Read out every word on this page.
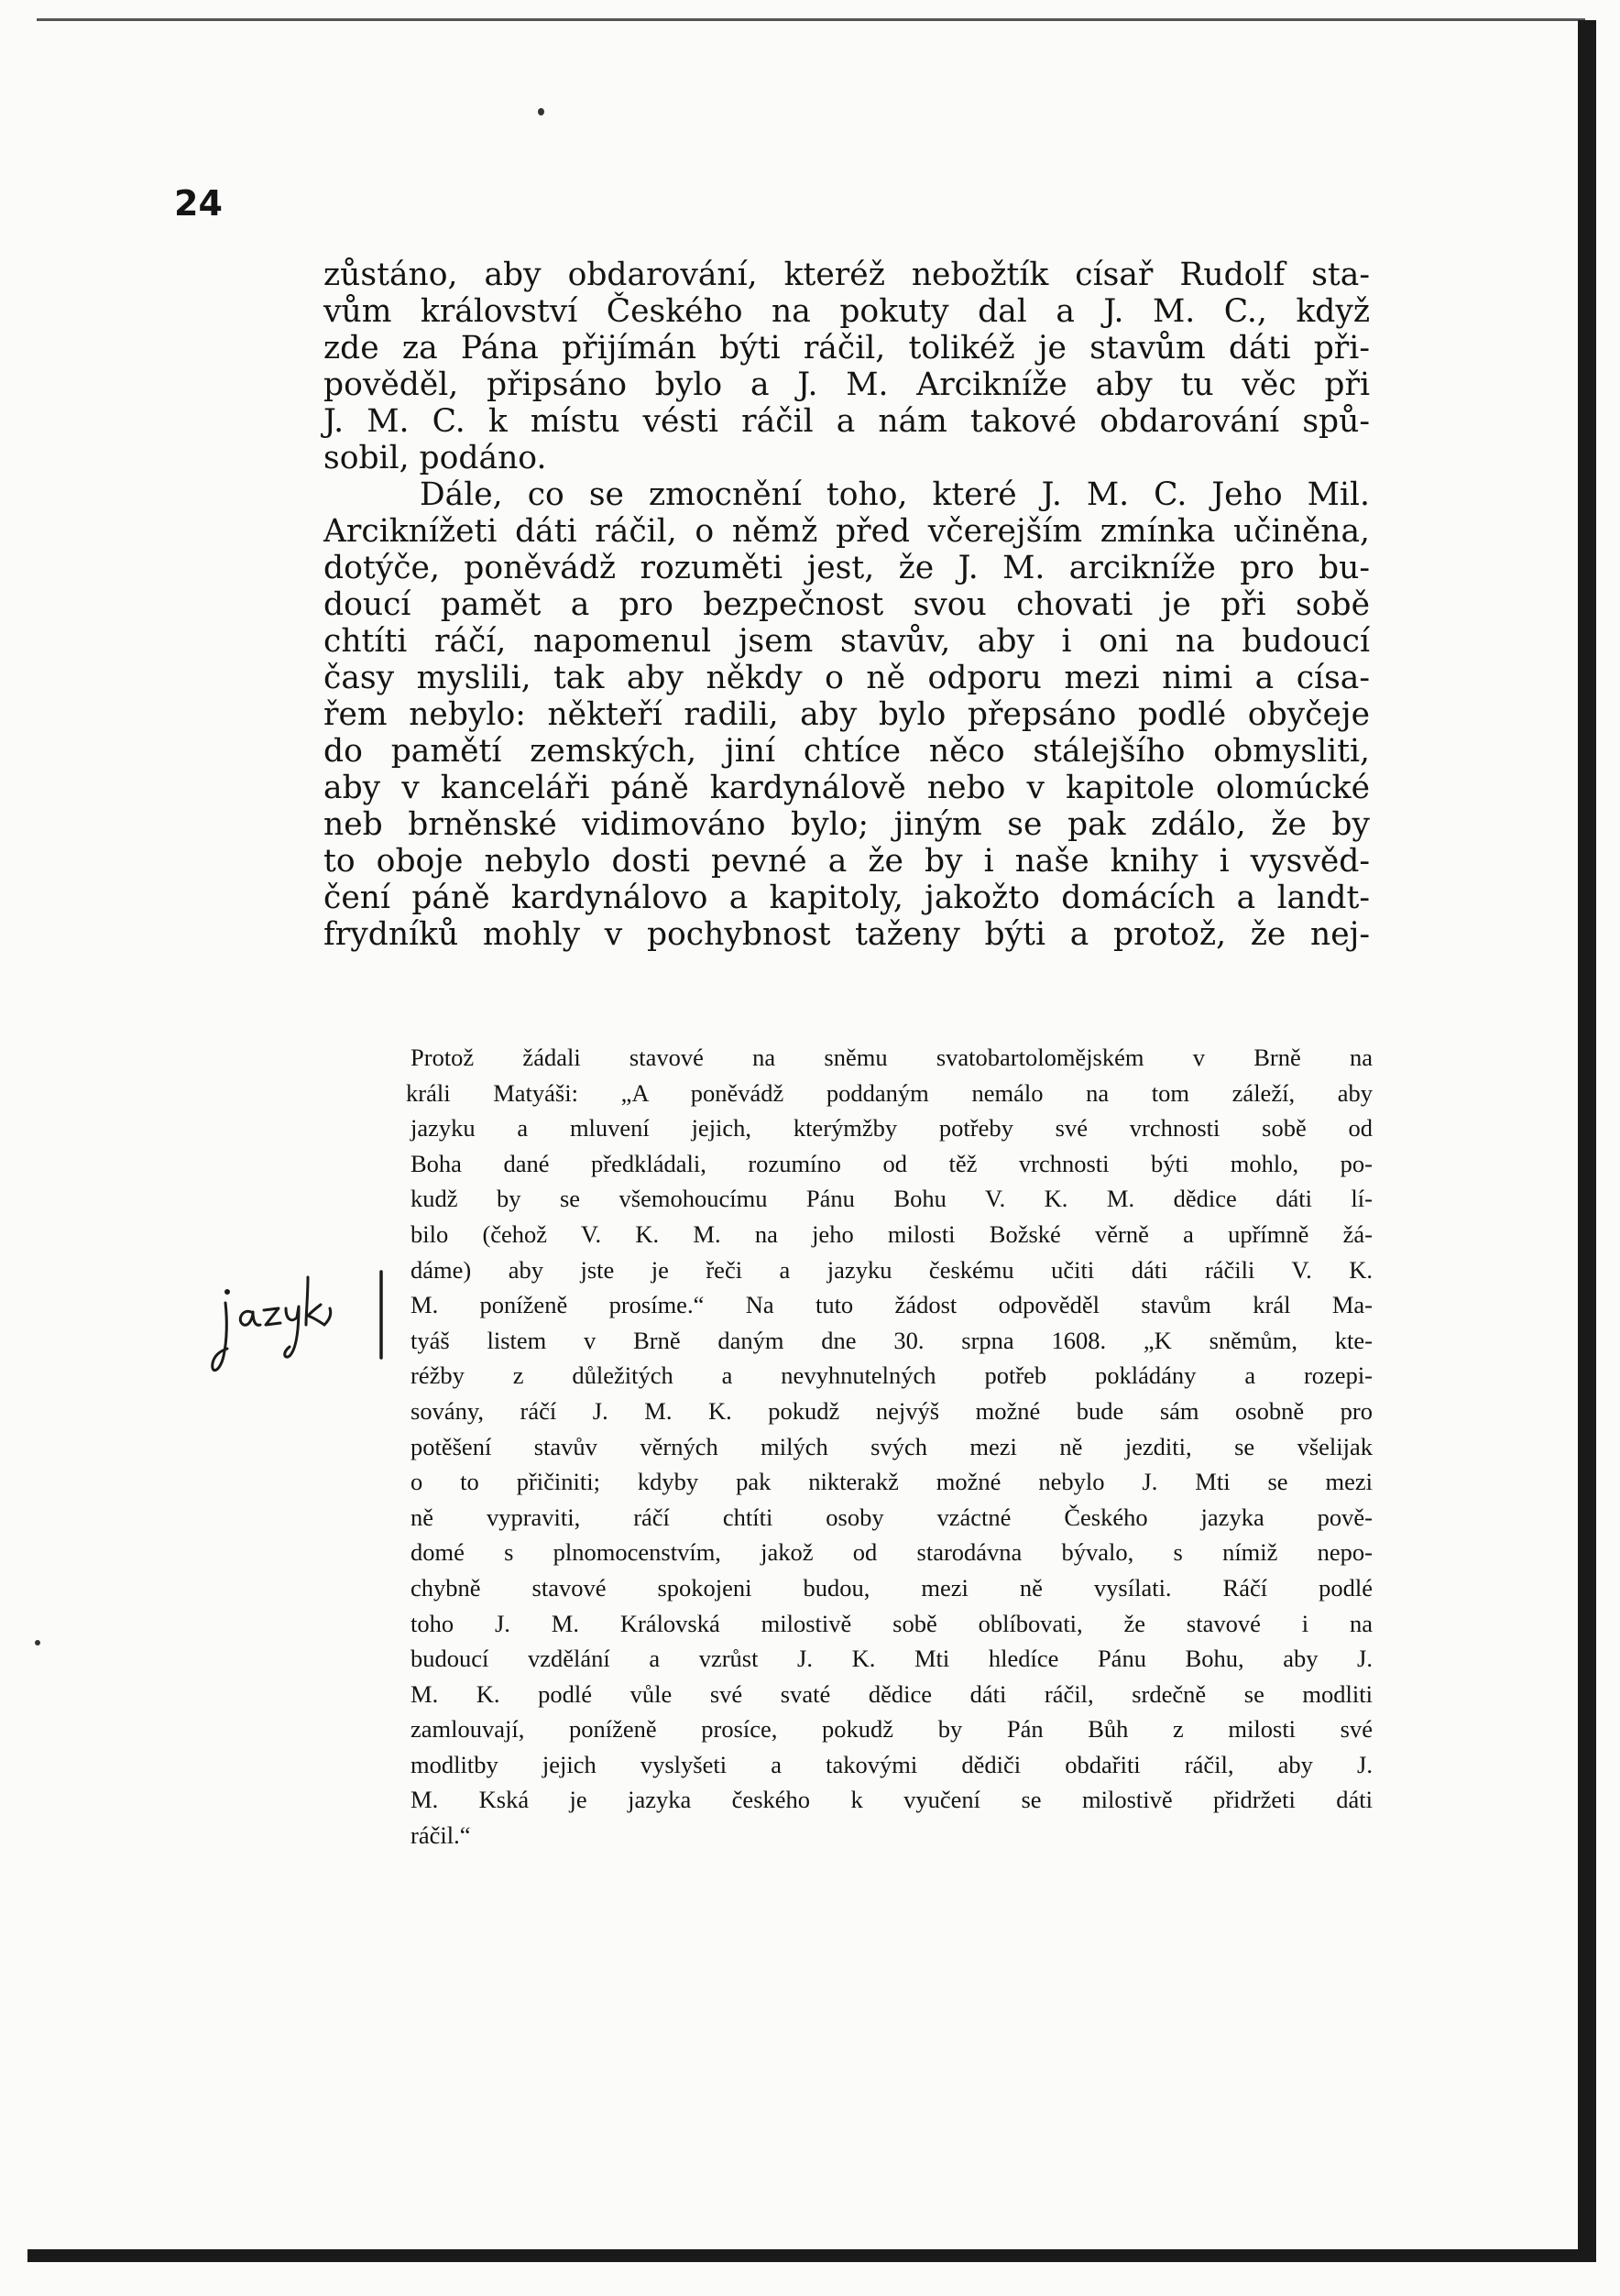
24

zůstáno, aby obdarování, kteréž nebožtík císař Rudolf sta-
vům království Českého na pokuty dal a J. M. C., když
zde za Pána přijímán býti ráčil, tolikéž je stavům dáti při-
pověděl, připsáno bylo a J. M. Arcikníže aby tu věc při
J. M. C. k místu vésti ráčil a nám takové obdarování spů-
sobil, podáno.

Dále, co se zmocnění toho, které J. M. C. Jeho Mil.
Arciknížeti dáti ráčil, o němž před včerejším zmínka učiněna,
dotýče, poněvádž rozuměti jest, že J. M. arcikníže pro bu-
doucí pamět a pro bezpečnost svou chovati je při sobě
chtíti ráčí, napomenul jsem stavův, aby i oni na budoucí
časy myslili, tak aby někdy o ně odporu mezi nimi a císa-
řem nebylo: někteří radili, aby bylo přepsáno podlé obyčeje
do pamětí zemských, jiní chtíce něco stálejšího obmysliti,
aby v kanceláři páně kardynálově nebo v kapitole olomúcké
neb brněnské vidimováno bylo; jiným se pak zdálo, že by
to oboje nebylo dosti pevné a že by i naše knihy i vysvěd-
čení páně kardynálovo a kapitoly, jakožto domácích a landt-
frydníků mohly v pochybnost taženy býti a protož, že nej-

Protož žádali stavové na sněmu svatobartolomějském v Brně na
králi Matyáši: „A poněvádž poddaným nemálo na tom záleží, aby
jazyku a mluvení jejich, kterýmžby potřeby své vrchnosti sobě od
Boha dané předkládali, rozumíno od těž vrchnosti býti mohlo, po-
kudž by se všemohoucímu Pánu Bohu V. K. M. dědice dáti lí-
bilo (čehož V. K. M. na jeho milosti Božské věrně a upřímně žá-
dáme) aby jste je řeči a jazyku českému učiti dáti ráčili V. K.
M. poníženě prosíme.“ Na tuto žádost odpověděl stavům král Ma-
tyáš listem v Brně daným dne 30. srpna 1608. „K sněmům, kte-
réžby z důležitých a nevyhnutelných potřeb pokládány a rozepi-
sovány, ráčí J. M. K. pokudž nejvýš možné bude sám osobně pro
potěšení stavův věrných milých svých mezi ně jezditi, se všelijak
o to přičiniti; kdyby pak nikterakž možné nebylo J. Mti se mezi
ně vypraviti, ráčí chtíti osoby vzáctné Českého jazyka pově-
domé s plnomocenstvím, jakož od starodávna bývalo, s nímiž nepo-
chybně stavové spokojeni budou, mezi ně vysílati. Ráčí podlé
toho J. M. Královská milostivě sobě oblíbovati, že stavové i na
budoucí vzdělání a vzrůst J. K. Mti hledíce Pánu Bohu, aby J.
M. K. podlé vůle své svaté dědice dáti ráčil, srdečně se modliti
zamlouvají, poníženě prosíce, pokudž by Pán Bůh z milosti své
modlitby jejich vyslyšeti a takovými dědiči obdařiti ráčil, aby J.
M. Kská je jazyka českého k vyučení se milostivě přidržeti dáti
ráčil.“
